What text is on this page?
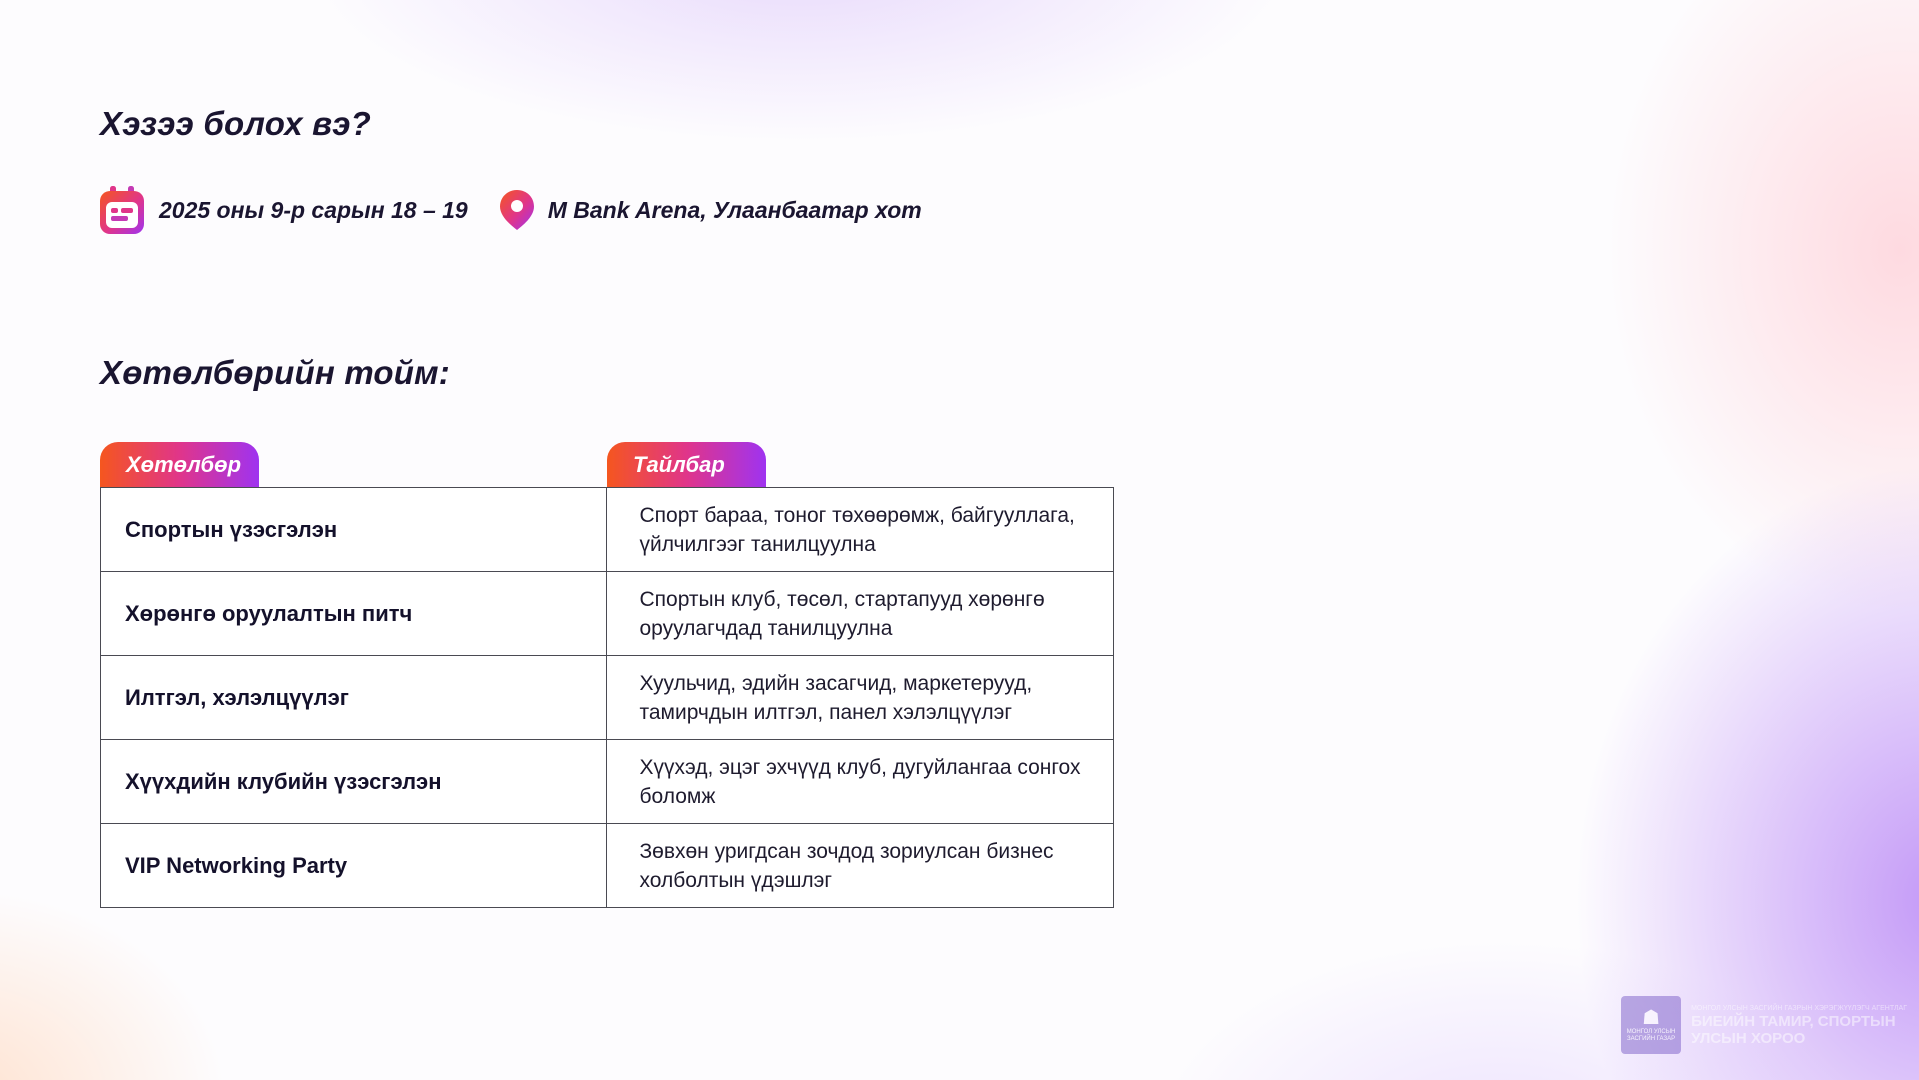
Хэзээ болох вэ?
2025 оны 9-р сарын 18 – 19	M Bank Arena, Улаанбаатар хот
Хөтөлбөрийн тойм:
Хөтөлбөр	Тайлбар
Спортын үзэсгэлэн	Спорт бараа, тоног төхөөрөмж, байгууллага, үйлчилгээг танилцуулна
Хөрөнгө оруулалтын питч	Спортын клуб, төсөл, стартапууд хөрөнгө оруулагчдад танилцуулна
Илтгэл, хэлэлцүүлэг	Хуульчид, эдийн засагчид, маркетерууд, тамирчдын илтгэл, панел хэлэлцүүлэг
Хүүхдийн клубийн үзэсгэлэн	Хүүхэд, эцэг эхчүүд клуб, дугуйлангаа сонгох боломж
VIP Networking Party	Зөвхөн уригдсан зочдод зориулсан бизнес холболтын үдэшлэг
☗
МОНГОЛ УЛСЫН ЗАСГИЙН ГАЗАР
МОНГОЛ УЛСЫН ЗАСГИЙН ГАЗРЫН ХЭРЭГЖҮҮЛЭГЧ АГЕНТЛАГ
БИЕИЙН ТАМИР, СПОРТЫН
УЛСЫН ХОРОО
